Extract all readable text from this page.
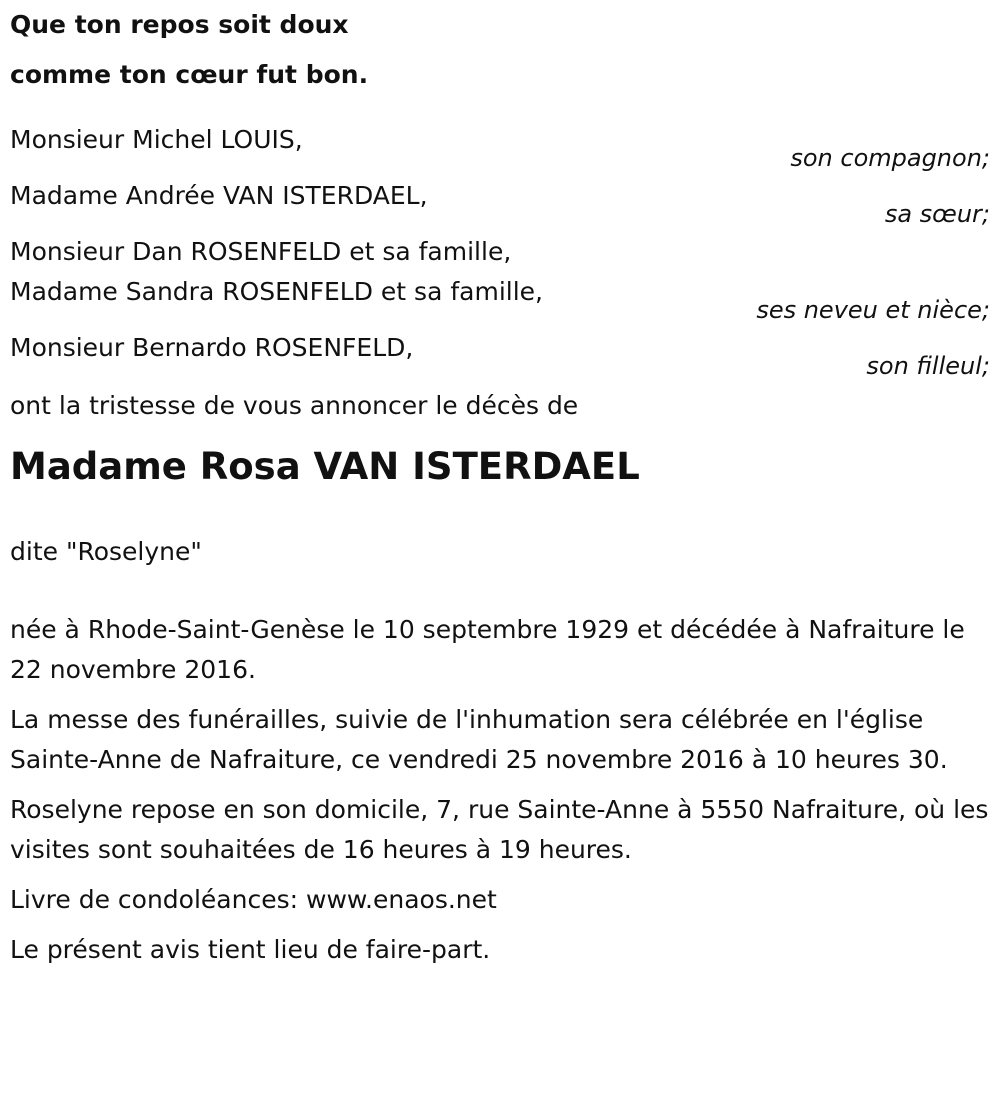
Que ton repos soit doux
comme ton cœur fut bon.
Monsieur Michel LOUIS,
son compagnon;
Madame Andrée VAN ISTERDAEL,
sa sœur;
Monsieur Dan ROSENFELD et sa famille,
Madame Sandra ROSENFELD et sa famille,
ses neveu et nièce;
Monsieur Bernardo ROSENFELD,
son filleul;
ont la tristesse de vous annoncer le décès de
Madame Rosa VAN ISTERDAEL
dite "Roselyne"

née à Rhode-Saint-Genèse le 10 septembre 1929 et décédée à Nafraiture le 22 novembre 2016.

La messe des funérailles, suivie de l'inhumation sera célébrée en l'église Sainte-Anne de Nafraiture, ce vendredi 25 novembre 2016 à 10 heures 30.

Roselyne repose en son domicile, 7, rue Sainte-Anne à 5550 Nafraiture, où les visites sont souhaitées de 16 heures à 19 heures.

Livre de condoléances: www.enaos.net

Le présent avis tient lieu de faire-part.
